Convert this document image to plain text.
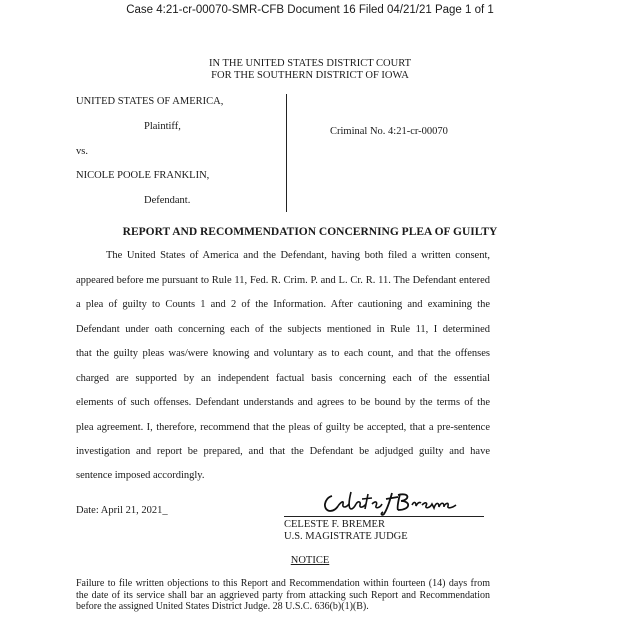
Case 4:21-cr-00070-SMR-CFB Document 16 Filed 04/21/21 Page 1 of 1
IN THE UNITED STATES DISTRICT COURT
FOR THE SOUTHERN DISTRICT OF IOWA
UNITED STATES OF AMERICA,
Plaintiff,
vs.
NICOLE POOLE FRANKLIN,
Defendant.
Criminal No. 4:21-cr-00070
REPORT AND RECOMMENDATION CONCERNING PLEA OF GUILTY
The United States of America and the Defendant, having both filed a written consent,
appeared before me pursuant to Rule 11, Fed. R. Crim. P. and L. Cr. R. 11. The Defendant entered
a plea of guilty to Counts 1 and 2 of the Information. After cautioning and examining the
Defendant under oath concerning each of the subjects mentioned in Rule 11, I determined
that the guilty pleas was/were knowing and voluntary as to each count, and that the offenses
charged are supported by an independent factual basis concerning each of the essential
elements of such offenses. Defendant understands and agrees to be bound by the terms of the
plea agreement. I, therefore, recommend that the pleas of guilty be accepted, that a pre-sentence
investigation and report be prepared, and that the Defendant be adjudged guilty and have
sentence imposed accordingly.
Date: April 21, 2021_
CELESTE F. BREMER
U.S. MAGISTRATE JUDGE
NOTICE
Failure to file written objections to this Report and Recommendation within fourteen (14) days from the date of its service shall bar an aggrieved party from attacking such Report and Recommendation before the assigned United States District Judge. 28 U.S.C. 636(b)(1)(B).
